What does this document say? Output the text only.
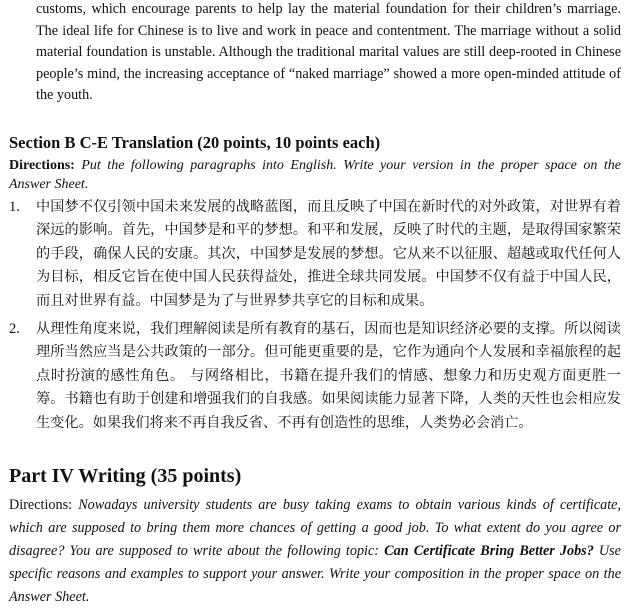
customs, which encourage parents to help lay the material foundation for their children’s marriage. The ideal life for Chinese is to live and work in peace and contentment. The marriage without a solid material foundation is unstable. Although the traditional marital values are still deep-rooted in Chinese people’s mind, the increasing acceptance of “naked marriage” showed a more open-minded attitude of the youth.

Section B C-E Translation (20 points, 10 points each)

Directions: Put the following paragraphs into English. Write your version in the proper space on the Answer Sheet.

1. 中国梦不仅引领中国未来发展的战略蓝图，而且反映了中国在新时代的对外政策，对世界有着深远的影响。首先，中国梦是和平的梦想。和平和发展，反映了时代的主题，是取得国家繁荣的手段，确保人民的安康。其次，中国梦是发展的梦想。它从来不以征服、超越或取代任何人为目标，相反它旨在使中国人民获得益处，推进全球共同发展。中国梦不仅有益于中国人民，而且对世界有益。中国梦是为了与世界梦共享它的目标和成果。

2. 从理性角度来说，我们理解阅读是所有教育的基石，因而也是知识经济必要的支撑。所以阅读理所当然应当是公共政策的一部分。但可能更重要的是，它作为通向个人发展和幸福旅程的起点时扮演的感性角色。 与网络相比，书籍在提升我们的情感、想象力和历史观方面更胜一筹。书籍也有助于创建和增强我们的自我感。如果阅读能力显著下降，人类的天性也会相应发生变化。如果我们将来不再自我反省、不再有创造性的思维，人类势必会消亡。

Part IV Writing (35 points)

Directions: Nowadays university students are busy taking exams to obtain various kinds of certificate, which are supposed to bring them more chances of getting a good job. To what extent do you agree or disagree? You are supposed to write about the following topic: Can Certificate Bring Better Jobs? Use specific reasons and examples to support your answer. Write your composition in the proper space on the Answer Sheet.
